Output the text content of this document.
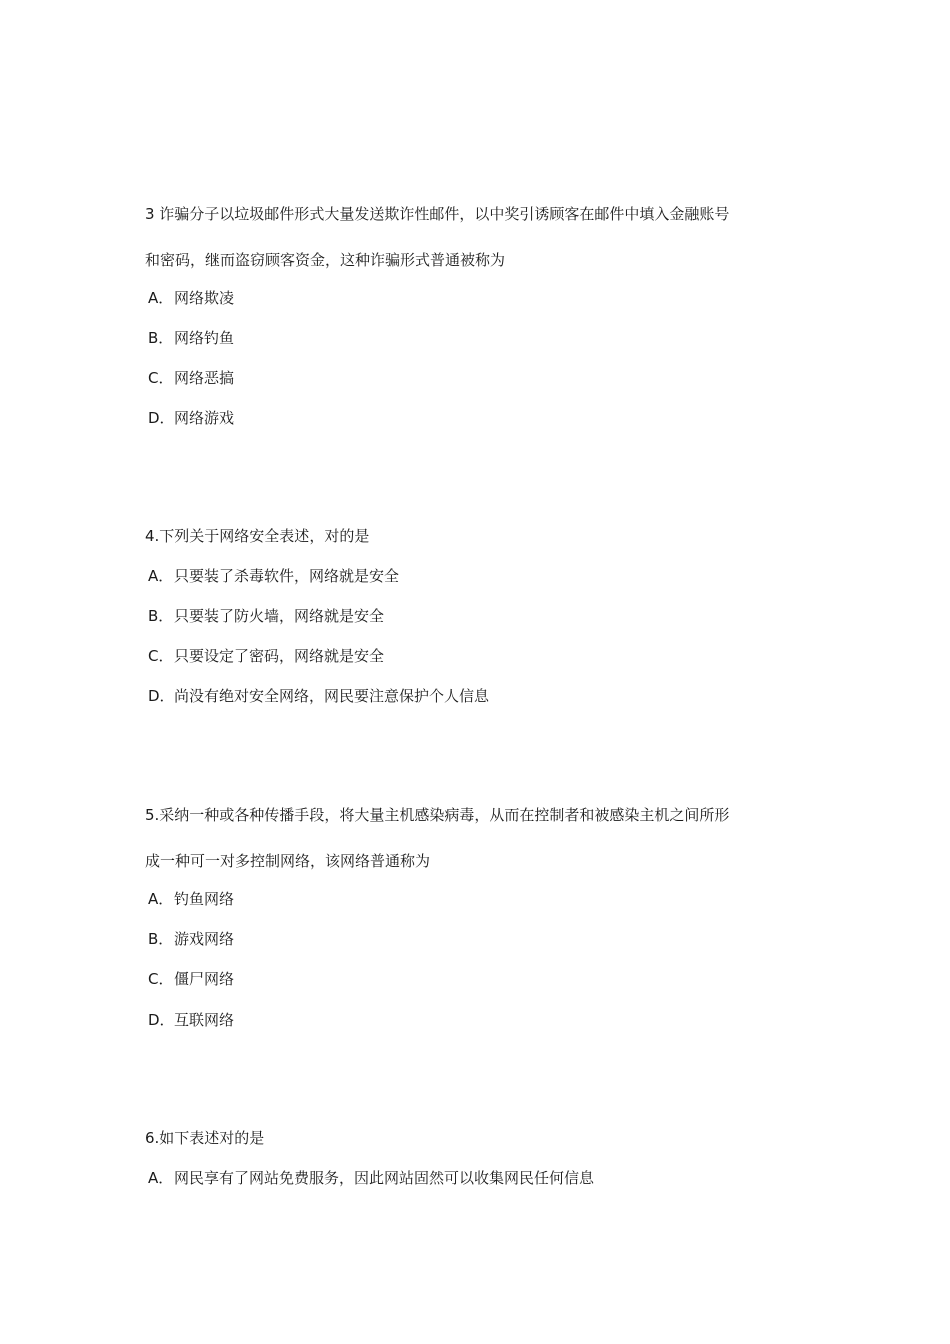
3 诈骗分子以垃圾邮件形式大量发送欺诈性邮件，以中奖引诱顾客在邮件中填入金融账号
和密码，继而盗窃顾客资金，这种诈骗形式普通被称为
A．网络欺凌
B．网络钓鱼
C．网络恶搞
D．网络游戏
4.下列关于网络安全表述，对的是
A．只要装了杀毒软件，网络就是安全
B．只要装了防火墙，网络就是安全
C．只要设定了密码，网络就是安全
D．尚没有绝对安全网络，网民要注意保护个人信息
5.采纳一种或各种传播手段，将大量主机感染病毒，从而在控制者和被感染主机之间所形
成一种可一对多控制网络，该网络普通称为
A．钓鱼网络
B．游戏网络
C．僵尸网络
D．互联网络
6.如下表述对的是
A．网民享有了网站免费服务，因此网站固然可以收集网民任何信息
